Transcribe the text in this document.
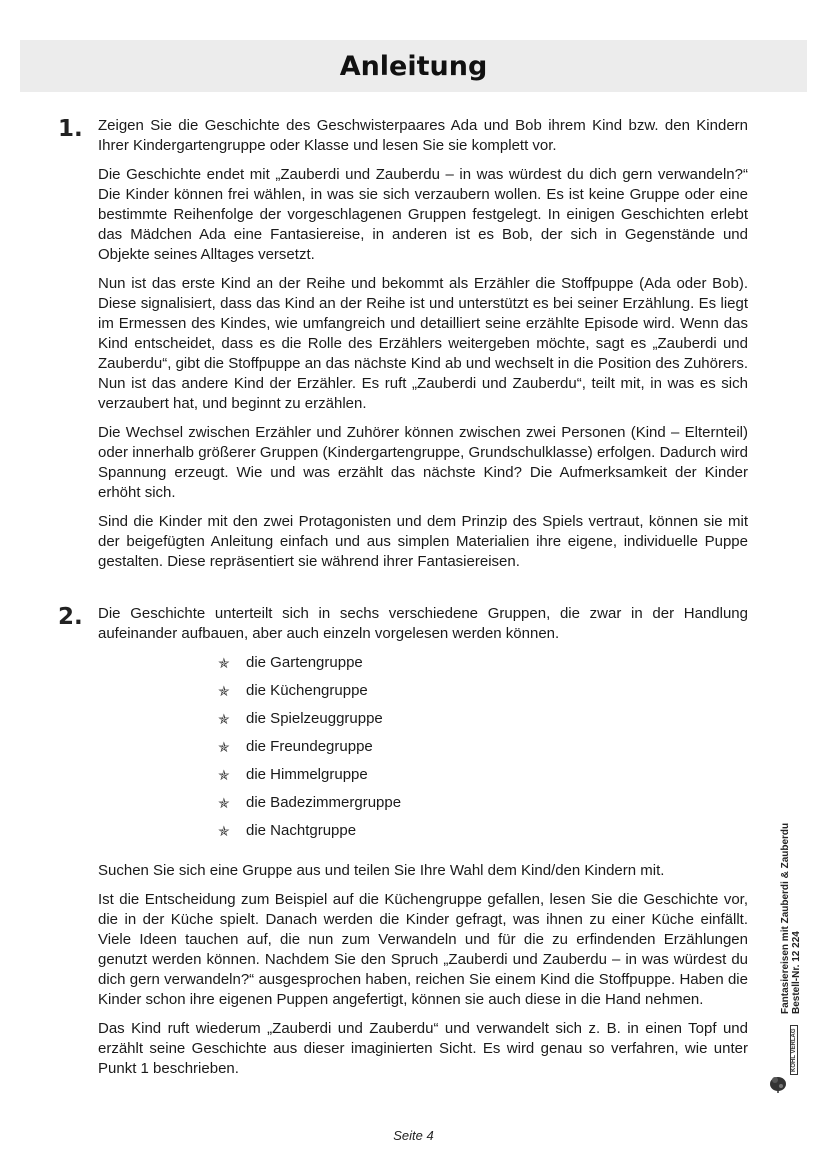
Anleitung
1. Zeigen Sie die Geschichte des Geschwisterpaares Ada und Bob ihrem Kind bzw. den Kindern Ihrer Kindergartengruppe oder Klasse und lesen Sie sie komplett vor.

Die Geschichte endet mit „Zauberdi und Zauberdu – in was würdest du dich gern verwandeln?“ Die Kinder können frei wählen, in was sie sich verzaubern wollen. Es ist keine Gruppe oder eine bestimmte Reihenfolge der vorgeschlagenen Gruppen festgelegt. In einigen Geschichten erlebt das Mädchen Ada eine Fantasiereise, in anderen ist es Bob, der sich in Gegenstände und Objekte seines Alltages versetzt.

Nun ist das erste Kind an der Reihe und bekommt als Erzähler die Stoffpuppe (Ada oder Bob). Diese signalisiert, dass das Kind an der Reihe ist und unterstützt es bei seiner Erzählung. Es liegt im Ermessen des Kindes, wie umfangreich und detailliert seine erzählte Episode wird. Wenn das Kind entscheidet, dass es die Rolle des Erzählers weitergeben möchte, sagt es „Zauberdi und Zauberdu“, gibt die Stoffpuppe an das nächste Kind ab und wechselt in die Position des Zuhörers. Nun ist das andere Kind der Erzähler. Es ruft „Zauberdi und Zauberdu“, teilt mit, in was es sich verzaubert hat, und beginnt zu erzählen.

Die Wechsel zwischen Erzähler und Zuhörer können zwischen zwei Personen (Kind – Elternteil) oder innerhalb größerer Gruppen (Kindergartengruppe, Grundschulklasse) erfolgen. Dadurch wird Spannung erzeugt. Wie und was erzählt das nächste Kind? Die Aufmerksamkeit der Kinder erhöht sich.

Sind die Kinder mit den zwei Protagonisten und dem Prinzip des Spiels vertraut, können sie mit der beigefügten Anleitung einfach und aus simplen Materialien ihre eigene, individuelle Puppe gestalten. Diese repräsentiert sie während ihrer Fantasiereisen.

2. Die Geschichte unterteilt sich in sechs verschiedene Gruppen, die zwar in der Handlung aufeinander aufbauen, aber auch einzeln vorgelesen werden können.

✯	die Gartengruppe
✯	die Küchengruppe
✯	die Spielzeuggruppe
✯	die Freundegruppe
✯	die Himmelgruppe
✯	die Badezimmergruppe
✯	die Nachtgruppe

Suchen Sie sich eine Gruppe aus und teilen Sie Ihre Wahl dem Kind/den Kindern mit.

Ist die Entscheidung zum Beispiel auf die Küchengruppe gefallen, lesen Sie die Geschichte vor, die in der Küche spielt. Danach werden die Kinder gefragt, was ihnen zu einer Küche einfällt. Viele Ideen tauchen auf, die nun zum Verwandeln und für die zu erfindenden Erzählungen genutzt werden können. Nachdem Sie den Spruch „Zauberdi und Zauberdu – in was würdest du dich gern verwandeln?“ ausgesprochen haben, reichen Sie einem Kind die Stoffpuppe. Haben die Kinder schon ihre eigenen Puppen angefertigt, können sie auch diese in die Hand nehmen.

Das Kind ruft wiederum „Zauberdi und Zauberdu“ und verwandelt sich z. B. in einen Topf und erzählt seine Geschichte aus dieser imaginierten Sicht. Es wird genau so verfahren, wie unter Punkt 1 beschrieben.

Fantasiereisen mit Zauberdi & Zauberdu Bestell-Nr. 12 224
KOHL VERLAG
Seite 4
